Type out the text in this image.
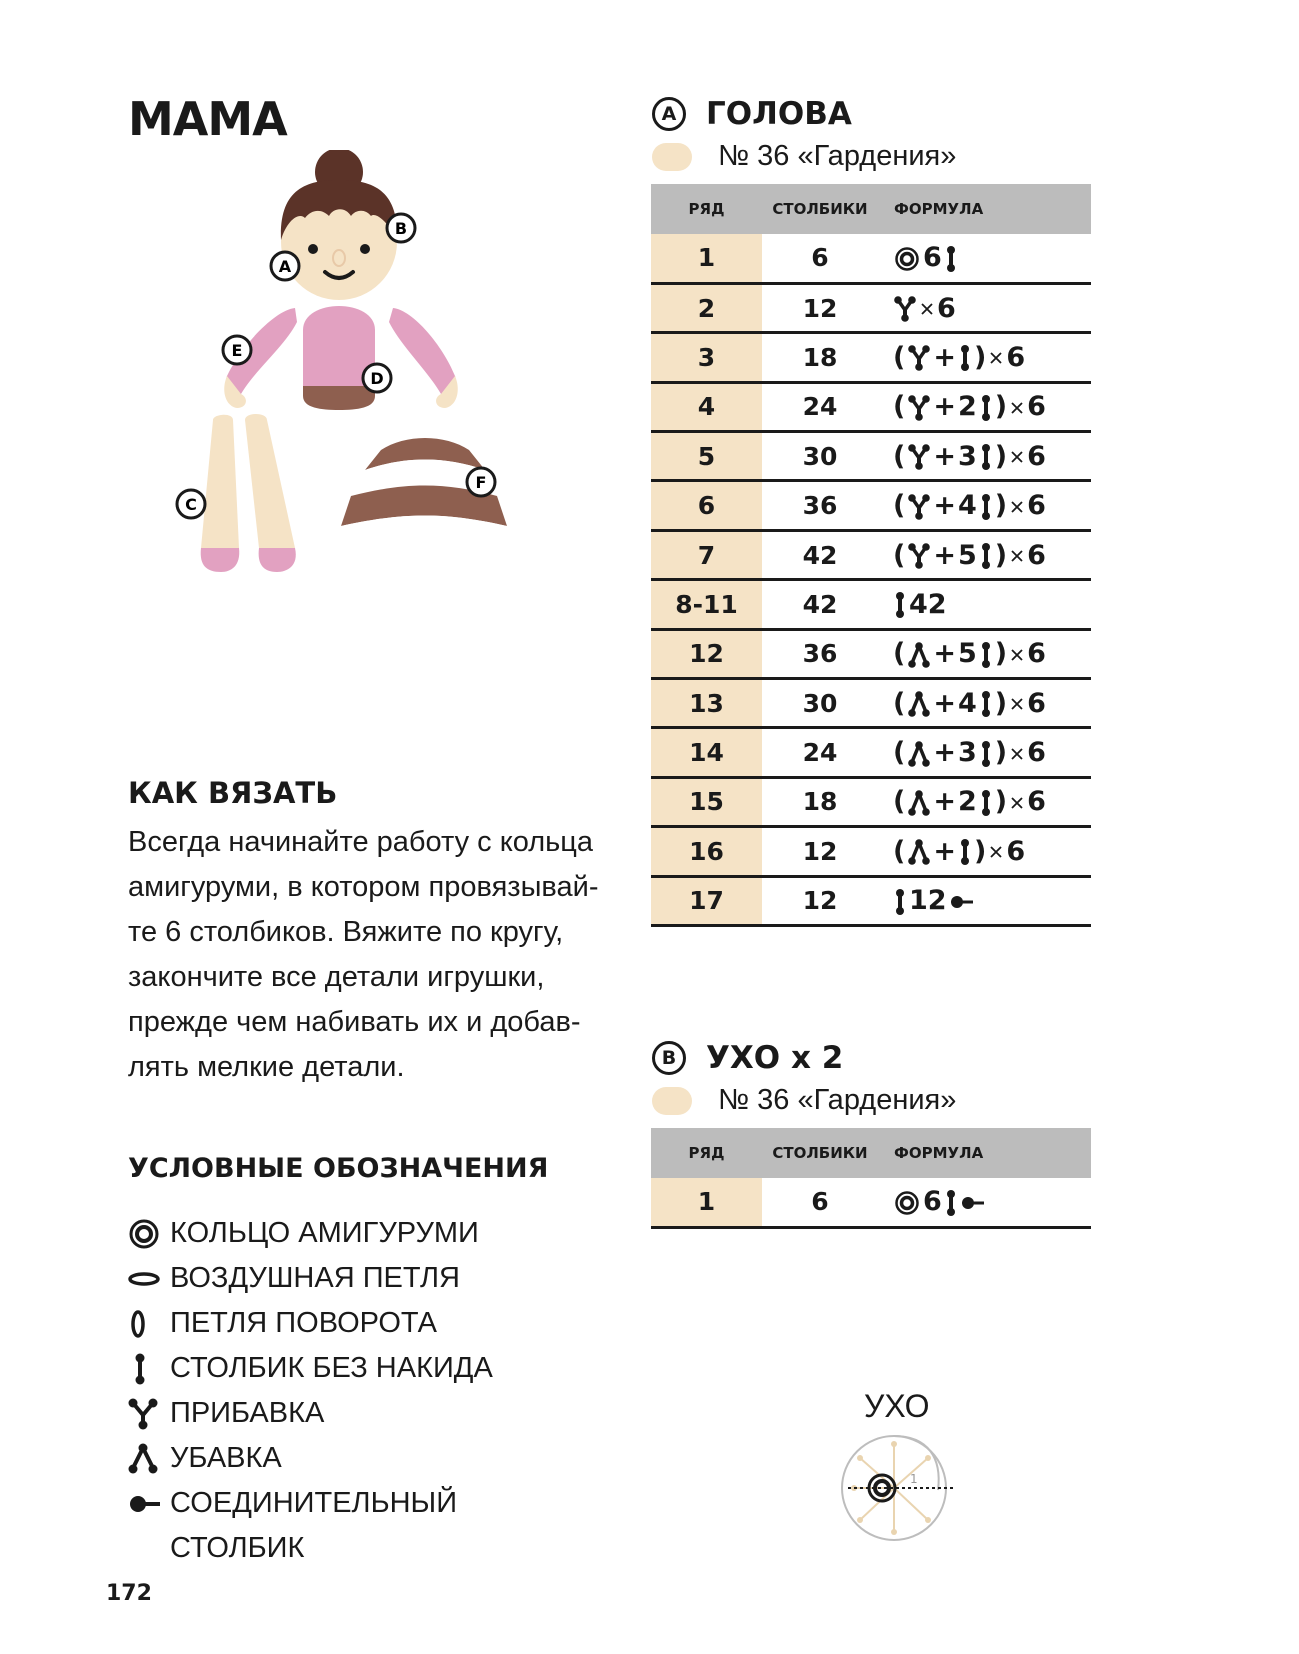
МАМА
A
B
C
D
E
F
КАК ВЯЗАТЬ
Всегда начинайте работу с кольца
амигуруми, в котором провязывай-
те 6 столбиков. Вяжите по кругу,
закончите все детали игрушки,
прежде чем набивать их и добав-
лять мелкие детали.
УСЛОВНЫЕ ОБОЗНАЧЕНИЯ
КОЛЬЦО АМИГУРУМИ
ВОЗДУШНАЯ ПЕТЛЯ
ПЕТЛЯ ПОВОРОТА
СТОЛБИК БЕЗ НАКИДА
ПРИБАВКА
УБАВКА
СОЕДИНИТЕЛЬНЫЙ
СТОЛБИК
172
A ГОЛОВА
№ 36 «Гардения»
РЯД	СТОЛБИКИ	ФОРМУЛА
1	6	6
2	12	6
3	18	( + ) 6
4	24	( +2 ) 6
5	30	( +3 ) 6
6	36	( +4 ) 6
7	42	( +5 ) 6
8-11	42	42
12	36	( +5 ) 6
13	30	( +4 ) 6
14	24	( +3 ) 6
15	18	( +2 ) 6
16	12	( + ) 6
17	12	12
B УХО x 2
№ 36 «Гардения»
РЯД	СТОЛБИКИ	ФОРМУЛА
1	6	6
УХО
1
